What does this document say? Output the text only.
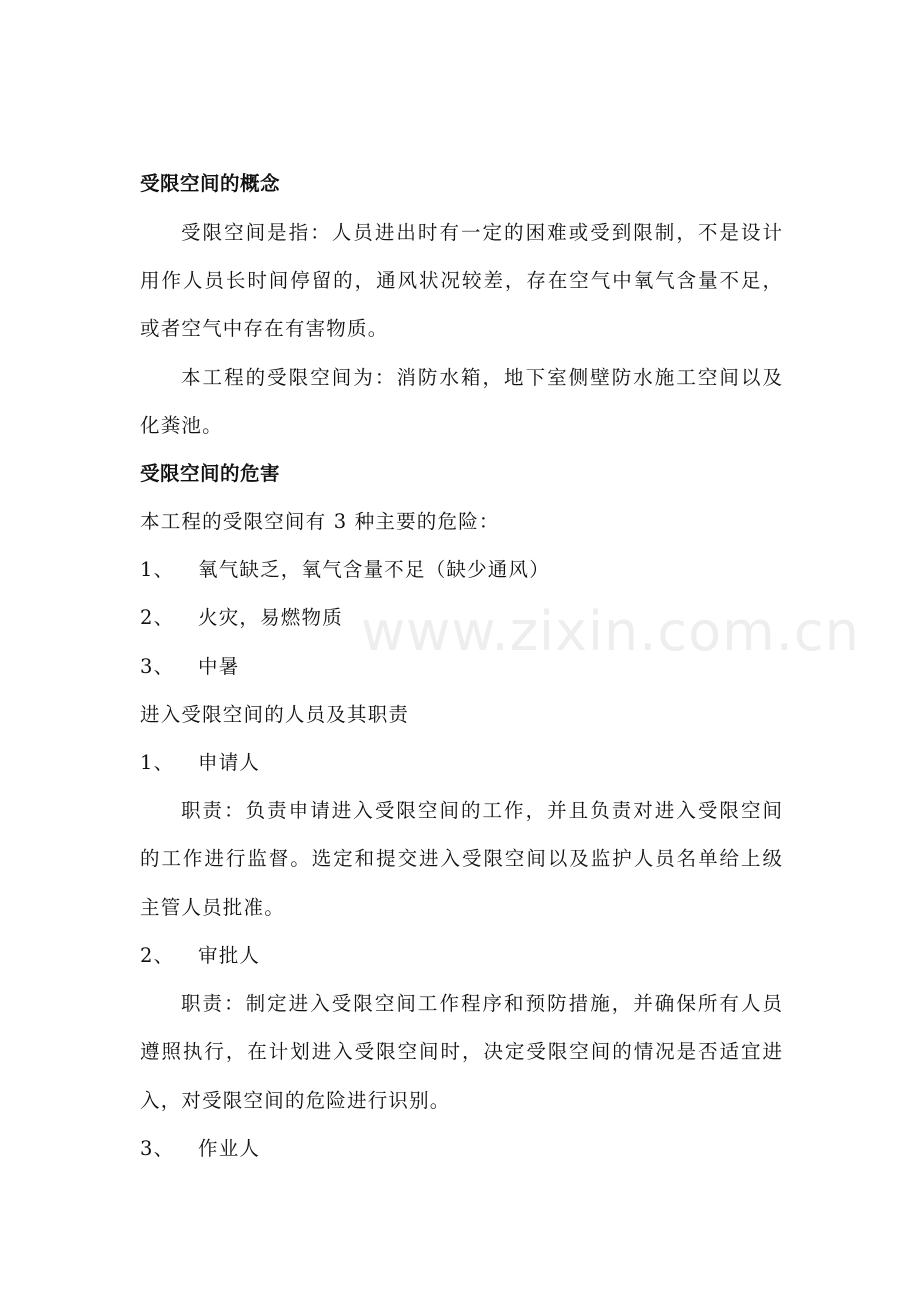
受限空间的概念
受限空间是指：人员进出时有一定的困难或受到限制，不是设计
用作人员长时间停留的，通风状况较差，存在空气中氧气含量不足，
或者空气中存在有害物质。
本工程的受限空间为：消防水箱，地下室侧壁防水施工空间以及
化粪池。
受限空间的危害
本工程的受限空间有 3 种主要的危险：
1、 氧气缺乏，氧气含量不足（缺少通风）
2、 火灾，易燃物质
3、 中暑
进入受限空间的人员及其职责
1、 申请人
职责：负责申请进入受限空间的工作，并且负责对进入受限空间
的工作进行监督。选定和提交进入受限空间以及监护人员名单给上级
主管人员批准。
2、 审批人
职责：制定进入受限空间工作程序和预防措施，并确保所有人员
遵照执行，在计划进入受限空间时，决定受限空间的情况是否适宜进
入，对受限空间的危险进行识别。
3、 作业人
www.zixin.com.cn
